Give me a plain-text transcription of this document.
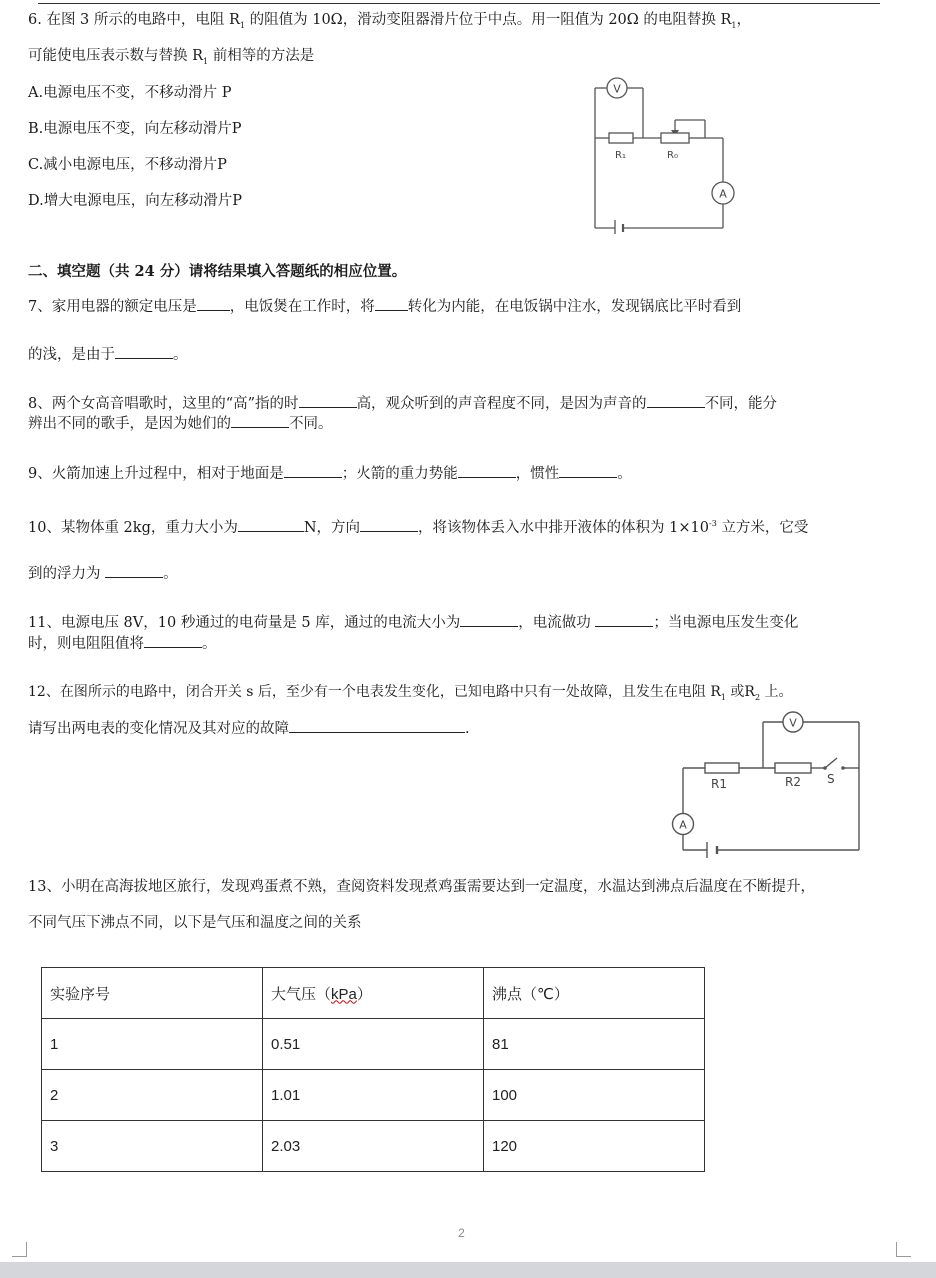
6. 在图 3 所示的电路中，电阻 $R_1$ 的阻值为 10Ω，滑动变阻器滑片位于中点。用一阻值为 20Ω 的电阻替换 $R_1$，
可能使电压表示数与替换 $R_1$ 前相等的方法是
A.电源电压不变，不移动滑片 P
B.电源电压不变，向左移动滑片P
C.减小电源电压，不移动滑片P
D.增大电源电压，向左移动滑片P
V
A
R₁	R₀
二、填空题（共 24 分）请将结果填入答题纸的相应位置。
7、家用电器的额定电压是 ，电饭煲在工作时，将 转化为内能，在电饭锅中注水，发现锅底比平时看到
的浅，是由于	。
8、两个女高音唱歌时，这里的“高”指的时	高，观众听到的声音程度不同，是因为声音的	不同，能分
辨出不同的歌手，是因为她们的	不同。
9、火箭加速上升过程中，相对于地面是	；火箭的重力势能	，惯性	。
10、某物体重 2kg，重力大小为	N，方向	，将该物体丢入水中排开液体的体积为 $1\times 10^{-3}$ 立方米，它受
到的浮力为	。
11、电源电压 8V，10 秒通过的电荷量是 5 库，通过的电流大小为	，电流做功	；当电源电压发生变化
时，则电阻阻值将	。
12、在图所示的电路中，闭合开关 s 后，至少有一个电表发生变化，已知电路中只有一处故障，且发生在电阻 $R_1$ 或$R_2$ 上。
请写出两电表的变化情况及其对应的故障	.	V
A
R1	R2 S
13、小明在高海拔地区旅行，发现鸡蛋煮不熟，查阅资料发现煮鸡蛋需要达到一定温度，水温达到沸点后温度在不断提升，
不同气压下沸点不同，以下是气压和温度之间的关系
实验序号	大气压（kPa）	沸点（℃）
1	0.51	81
2	1.01	100
3	2.03	120
2
